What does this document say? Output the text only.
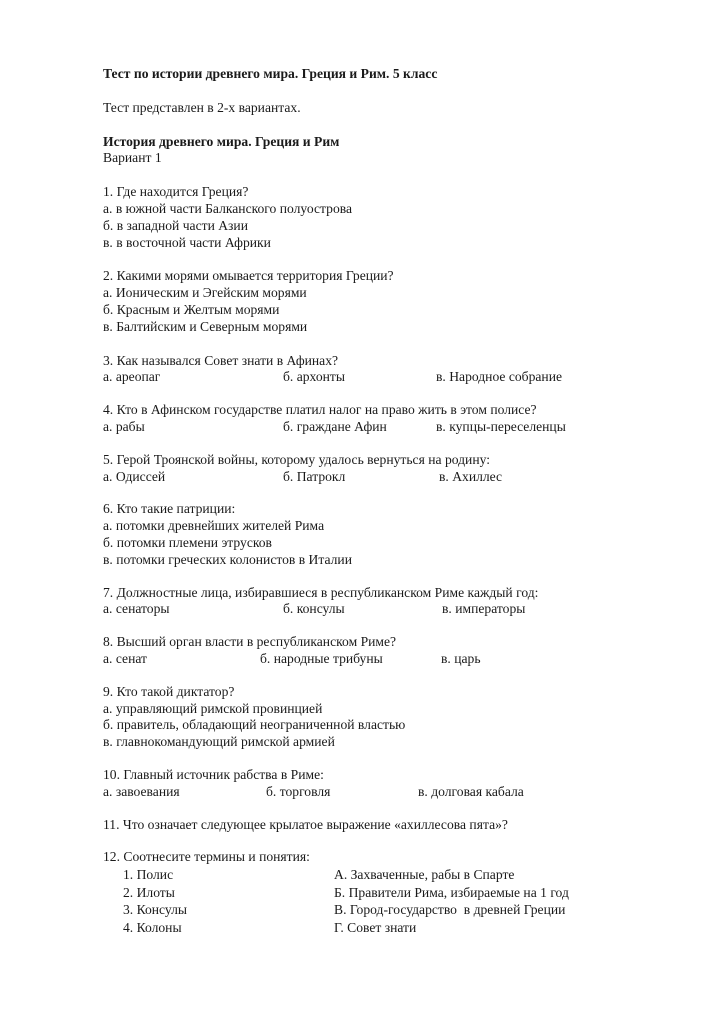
Тест по истории древнего мира. Греция и Рим. 5 класс
Тест представлен в 2-х вариантах.
История древнего мира. Греция и Рим
Вариант 1
1. Где находится Греция?
а. в южной части Балканского полуострова
б. в западной части Азии
в. в восточной части Африки
2. Какими морями омывается территория Греции?
а. Ионическим и Эгейским морями
б. Красным и Желтым морями
в. Балтийским и Северным морями
3. Как назывался Совет знати в Афинах?
а. ареопаг	б. архонты	в. Народное собрание
4. Кто в Афинском государстве платил налог на право жить в этом полисе?
а. рабы	б. граждане Афин	в. купцы-переселенцы
5. Герой Троянской войны, которому удалось вернуться на родину:
а. Одиссей	б. Патрокл	в. Ахиллес
6. Кто такие патриции:
а. потомки древнейших жителей Рима
б. потомки племени этрусков
в. потомки греческих колонистов в Италии
7. Должностные лица, избиравшиеся в республиканском Риме каждый год:
а. сенаторы	б. консулы	в. императоры
8. Высший орган власти в республиканском Риме?
а. сенат	б. народные трибуны	в. царь
9. Кто такой диктатор?
а. управляющий римской провинцией
б. правитель, обладающий неограниченной властью
в. главнокомандующий римской армией
10. Главный источник рабства в Риме:
а. завоевания	б. торговля	в. долговая кабала
11. Что означает следующее крылатое выражение «ахиллесова пята»?
12. Соотнесите термины и понятия:
1. Полис	А. Захваченные, рабы в Спарте
2. Илоты	Б. Правители Рима, избираемые на 1 год
3. Консулы	В. Город-государство  в древней Греции
4. Колоны	Г. Совет знати
